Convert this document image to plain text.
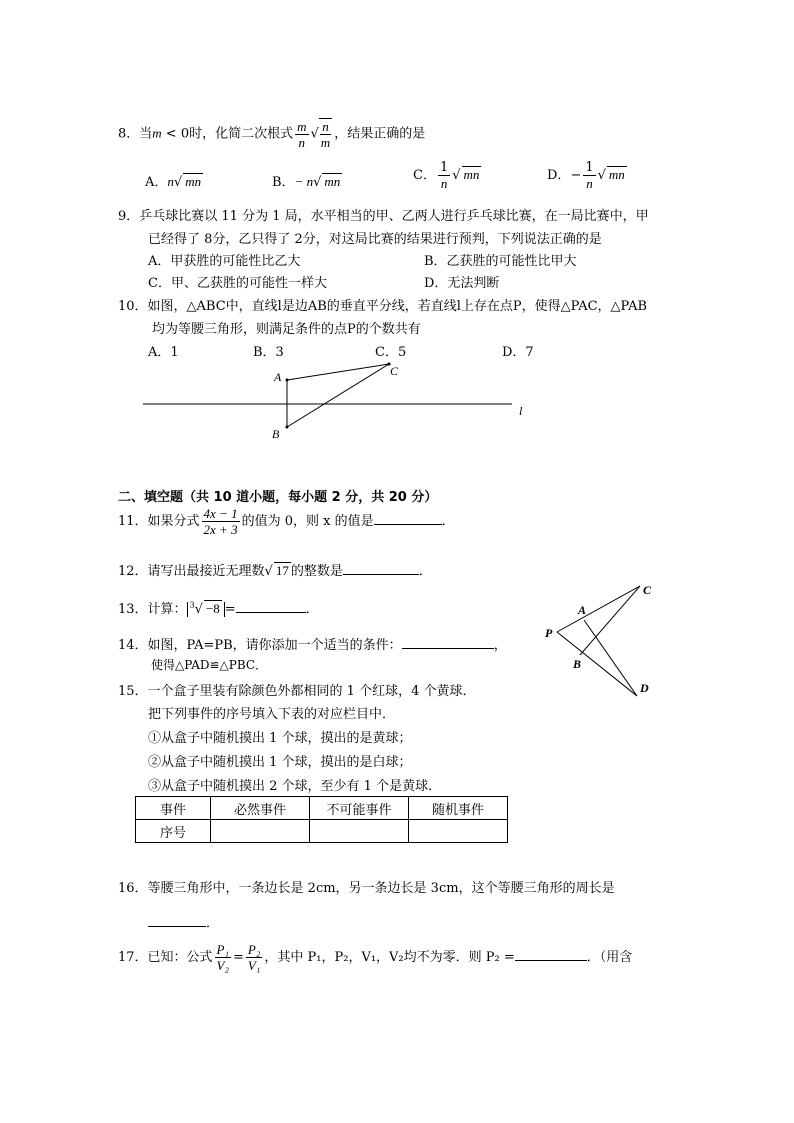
8．当m < 0时，化简二次根式 $\frac{m}{n}$ √ $\frac{n}{m}$ ，结果正确的是
A．n√ mn	B．− n√ mn	C． $\frac{1}{n}$ √ mn	D．− $\frac{1}{n}$ √ mn
9．乒乓球比赛以 11 分为 1 局，水平相当的甲、乙两人进行乒乓球比赛，在一局比赛中，甲
已经得了 8分，乙只得了 2分，对这局比赛的结果进行预判，下列说法正确的是
A．甲获胜的可能性比乙大	B．乙获胜的可能性比甲大
C．甲、乙获胜的可能性一样大	D．无法判断
10．如图，△ABC中，直线l是边AB的垂直平分线，若直线l上存在点P，使得△PAC，△PAB
均为等腰三角形，则满足条件的点P的个数共有
A．1	B．3	C．5	D．7
A	C
B
l
二、填空题（共 10 道小题，每小题 2 分，共 20 分）
11．如果分式 $\frac{4x - 1}{2x + 3}$ 的值为 0，则 x 的值是	．
12．请写出最接近无理数√ 17 的整数是	．
13．计算： $^3$√ −8 =	．
14．如图，PA=PB，请你添加一个适当的条件：	，
使得△PAD≌△PBC．
C
A
P
B
D
15．一个盒子里装有除颜色外都相同的 1 个红球，4 个黄球．
把下列事件的序号填入下表的对应栏目中．
①从盒子中随机摸出 1 个球，摸出的是黄球；
②从盒子中随机摸出 1 个球，摸出的是白球；
③从盒子中随机摸出 2 个球，至少有 1 个是黄球．
事件	必然事件	不可能事件	随机事件
序号			
16．等腰三角形中，一条边长是 2cm，另一条边长是 3cm，这个等腰三角形的周长是
．
17．已知：公式 $\frac{\text{P₁}}{\text{V₂}} = \frac{\text{P₂}}{\text{V₁}}$ ，其中 P₁，P₂，V₁，V₂均不为零．则 P₂ =	．（用含
